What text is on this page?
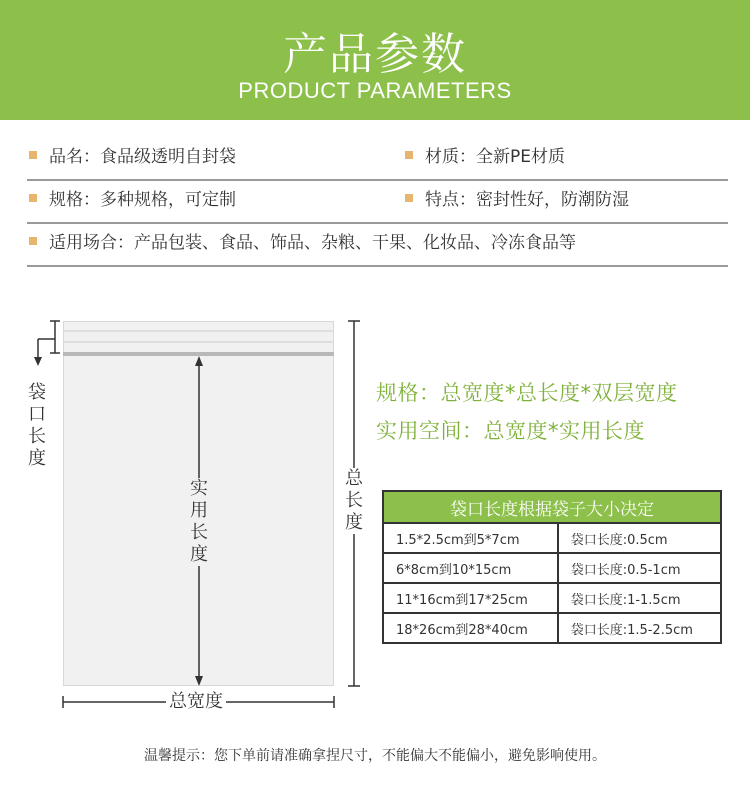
产品参数
PRODUCT PARAMETERS
品名：食品级透明自封袋	材质：全新PE材质
规格：多种规格，可定制	特点：密封性好，防潮防湿
适用场合：产品包装、食品、饰品、杂粮、干果、化妆品、冷冻食品等
袋口长度
实用长度
总长度
总宽度
规格：总宽度*总长度*双层宽度
实用空间：总宽度*实用长度
袋口长度根据袋子大小决定	
1.5*2.5cm到5*7cm	袋口长度:0.5cm
6*8cm到10*15cm	袋口长度:0.5-1cm
11*16cm到17*25cm	袋口长度:1-1.5cm
18*26cm到28*40cm	袋口长度:1.5-2.5cm
温馨提示：您下单前请准确拿捏尺寸，不能偏大不能偏小，避免影响使用。
